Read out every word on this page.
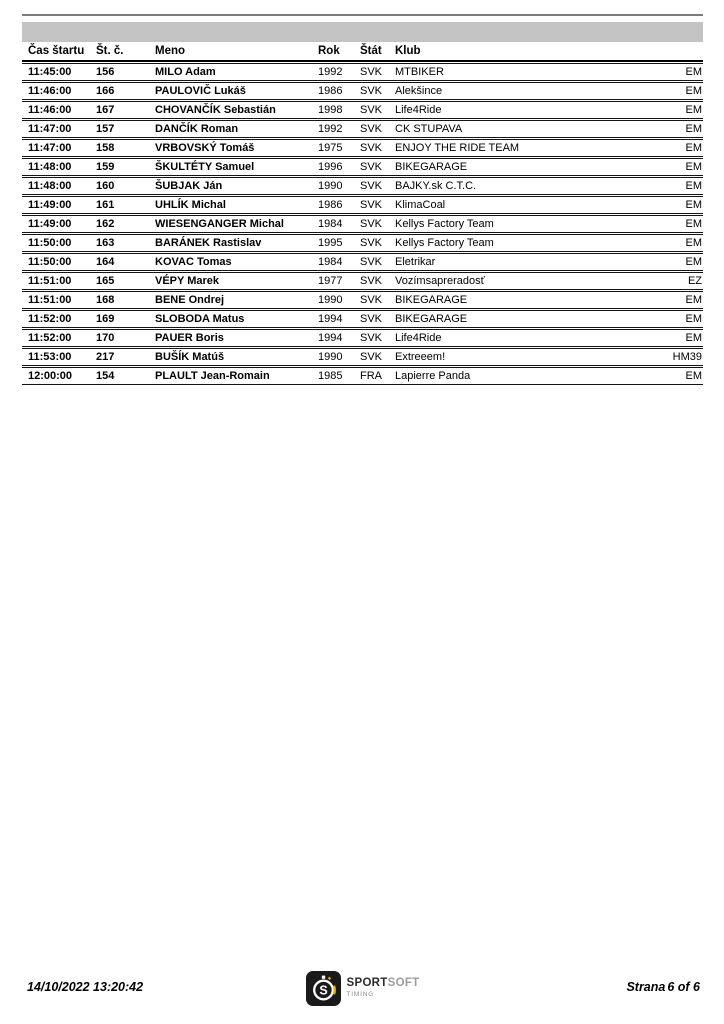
Čas štartu	Št. č.	Meno	Rok	Štát	Klub
11:45:00	156	MILO Adam	1992	SVK	MTBIKER	EM
11:46:00	166	PAULOVIČ Lukáš	1986	SVK	Alekšince	EM
11:46:00	167	CHOVANČÍK Sebastián	1998	SVK	Life4Ride	EM
11:47:00	157	DANČÍK Roman	1992	SVK	CK STUPAVA	EM
11:47:00	158	VRBOVSKÝ Tomáš	1975	SVK	ENJOY THE RIDE TEAM	EM
11:48:00	159	ŠKULTÉTY Samuel	1996	SVK	BIKEGARAGE	EM
11:48:00	160	ŠUBJAK Ján	1990	SVK	BAJKY.sk C.T.C.	EM
11:49:00	161	UHLÍK Michal	1986	SVK	KlimaCoal	EM
11:49:00	162	WIESENGANGER Michal	1984	SVK	Kellys Factory Team	EM
11:50:00	163	BARÁNEK Rastislav	1995	SVK	Kellys Factory Team	EM
11:50:00	164	KOVAC Tomas	1984	SVK	Eletrikar	EM
11:51:00	165	VÉPY Marek	1977	SVK	Vozímsapreradosť	EZ
11:51:00	168	BENE Ondrej	1990	SVK	BIKEGARAGE	EM
11:52:00	169	SLOBODA Matus	1994	SVK	BIKEGARAGE	EM
11:52:00	170	PAUER Boris	1994	SVK	Life4Ride	EM
11:53:00	217	BUŠÍK Matúš	1990	SVK	Extreeem!	HM39
12:00:00	154	PLAULT Jean-Romain	1985	FRA	Lapierre Panda	EM
14/10/2022 13:20:42	S
SPORTSOFT
TIMING
Strana 6 of 6
